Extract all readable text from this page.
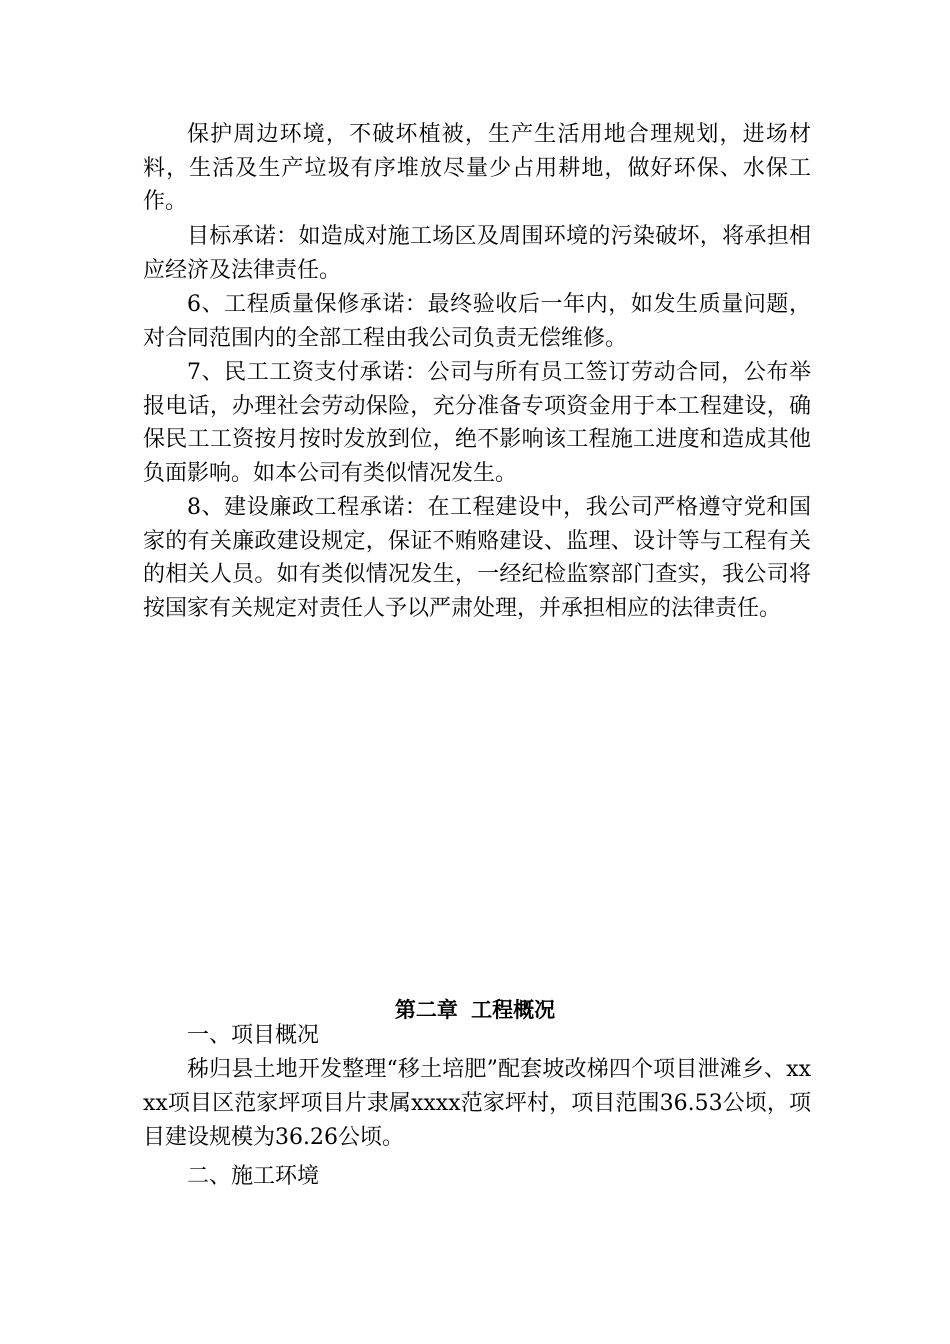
保护周边环境，不破坏植被，生产生活用地合理规划，进场材料，生活及生产垃圾有序堆放尽量少占用耕地，做好环保、水保工作。

目标承诺：如造成对施工场区及周围环境的污染破坏，将承担相应经济及法律责任。

6、工程质量保修承诺：最终验收后一年内，如发生质量问题，对合同范围内的全部工程由我公司负责无偿维修。

7、民工工资支付承诺：公司与所有员工签订劳动合同，公布举报电话，办理社会劳动保险，充分准备专项资金用于本工程建设，确保民工工资按月按时发放到位，绝不影响该工程施工进度和造成其他负面影响。如本公司有类似情况发生。

8、建设廉政工程承诺：在工程建设中，我公司严格遵守党和国家的有关廉政建设规定，保证不贿赂建设、监理、设计等与工程有关的相关人员。如有类似情况发生，一经纪检监察部门查实，我公司将按国家有关规定对责任人予以严肃处理，并承担相应的法律责任。

第二章 工程概况

一、项目概况

秭归县土地开发整理“移土培肥”配套坡改梯四个项目泄滩乡、xxxx项目区范家坪项目片隶属xxxx范家坪村，项目范围36.53公顷，项目建设规模为36.26公顷。

二、施工环境
